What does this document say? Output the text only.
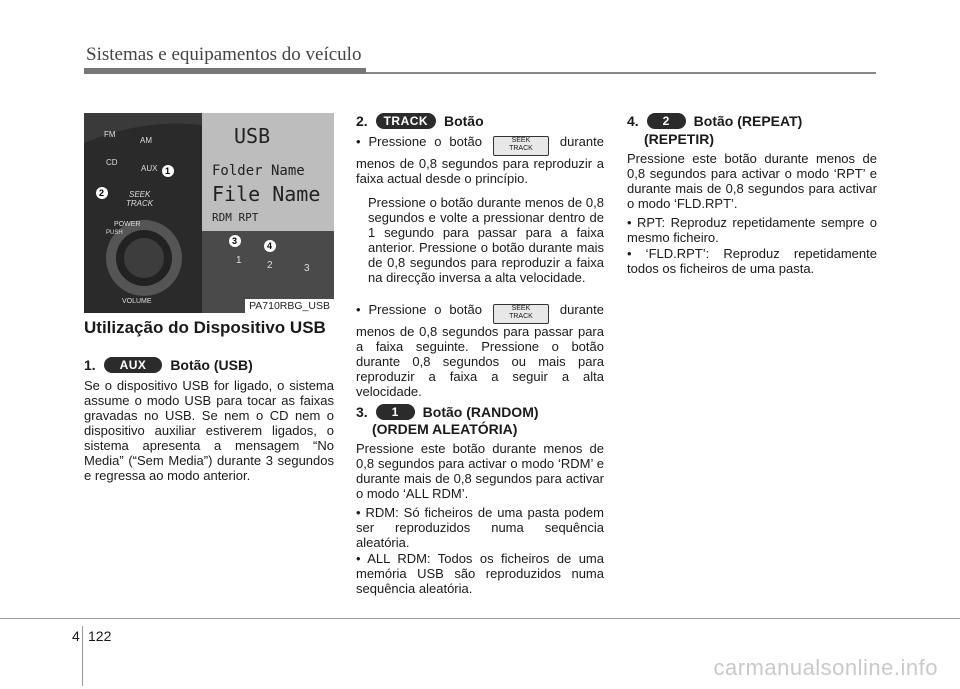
Sistemas e equipamentos do veículo
FM
AM
CD
AUX
SEEK
TRACK
POWER
PUSH
VOLUME
USB
Folder Name
File Name
RDM RPT
1	2	3
1
2
3	4
PA710RBG_USB
Utilização do Dispositivo USB
1. AUX Botão (USB)
Se o dispositivo USB for ligado, o sistema assume o modo USB para tocar as faixas gravadas no USB. Se nem o CD nem o dispositivo auxiliar estiverem ligados, o sistema apresenta a mensagem “No Media” (“Sem Media”) durante 3 segundos e regressa ao modo anterior.
2. TRACK Botão
• Pressione o botão	SEEK
TRACK	durante menos de 0,8 segundos para reproduzir a faixa actual desde o princípio.
Pressione o botão durante menos de 0,8 segundos e volte a pressionar dentro de 1 segundo para passar para a faixa anterior. Pressione o botão durante mais de 0,8 segundos para reproduzir a faixa na direcção inversa a alta velocidade.
• Pressione o botão	SEEK
TRACK	durante menos de 0,8 segundos para passar para a faixa seguinte. Pressione o botão durante 0,8 segundos ou mais para reproduzir a faixa a seguir a alta velocidade.
3. 1 Botão (RANDOM)
(ORDEM ALEATÓRIA)
Pressione este botão durante menos de 0,8 segundos para activar o modo ‘RDM’ e durante mais de 0,8 segundos para activar o modo ‘ALL RDM’.
• RDM: Só ficheiros de uma pasta podem ser reproduzidos numa sequência aleatória.
• ALL RDM: Todos os ficheiros de uma memória USB são reproduzidos numa sequência aleatória.
4. 2 Botão (REPEAT)
(REPETIR)
Pressione este botão durante menos de 0,8 segundos para activar o modo ‘RPT’ e durante mais de 0,8 segundos para activar o modo ‘FLD.RPT’.
• RPT: Reproduz repetidamente sempre o mesmo ficheiro.
• ‘FLD.RPT’: Reproduz repetidamente todos os ficheiros de uma pasta.
4 122
carmanualsonline.info
